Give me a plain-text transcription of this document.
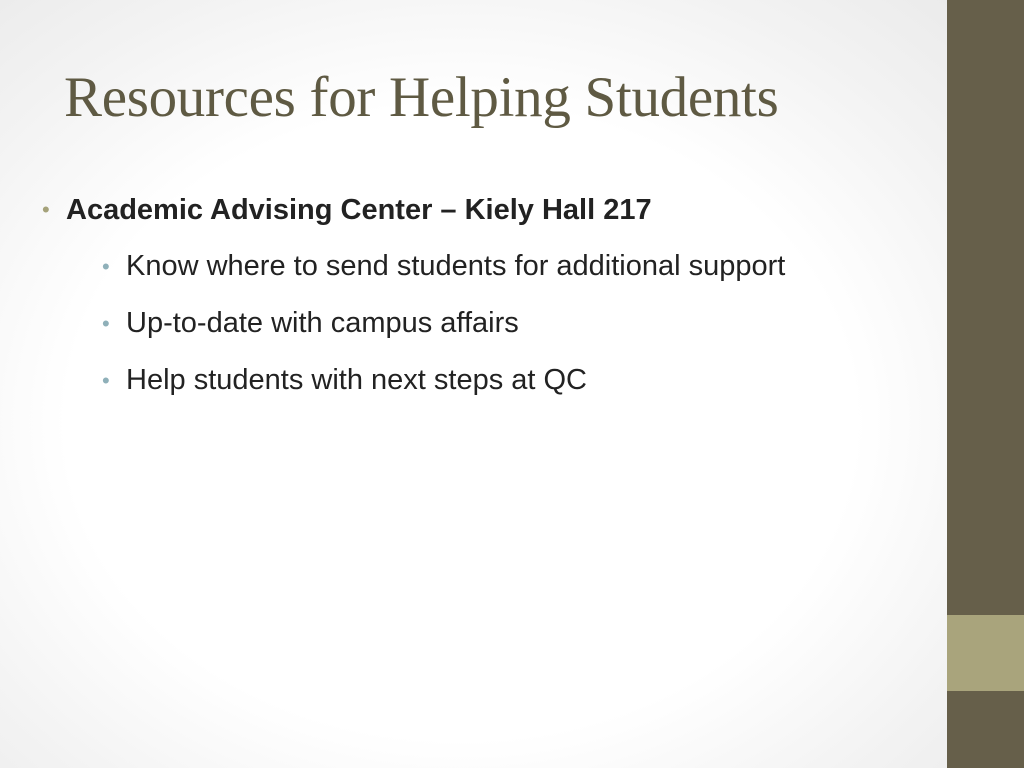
Resources for Helping Students
• Academic Advising Center – Kiely Hall 217
• Know where to send students for additional support
• Up-to-date with campus affairs
• Help students with next steps at QC
